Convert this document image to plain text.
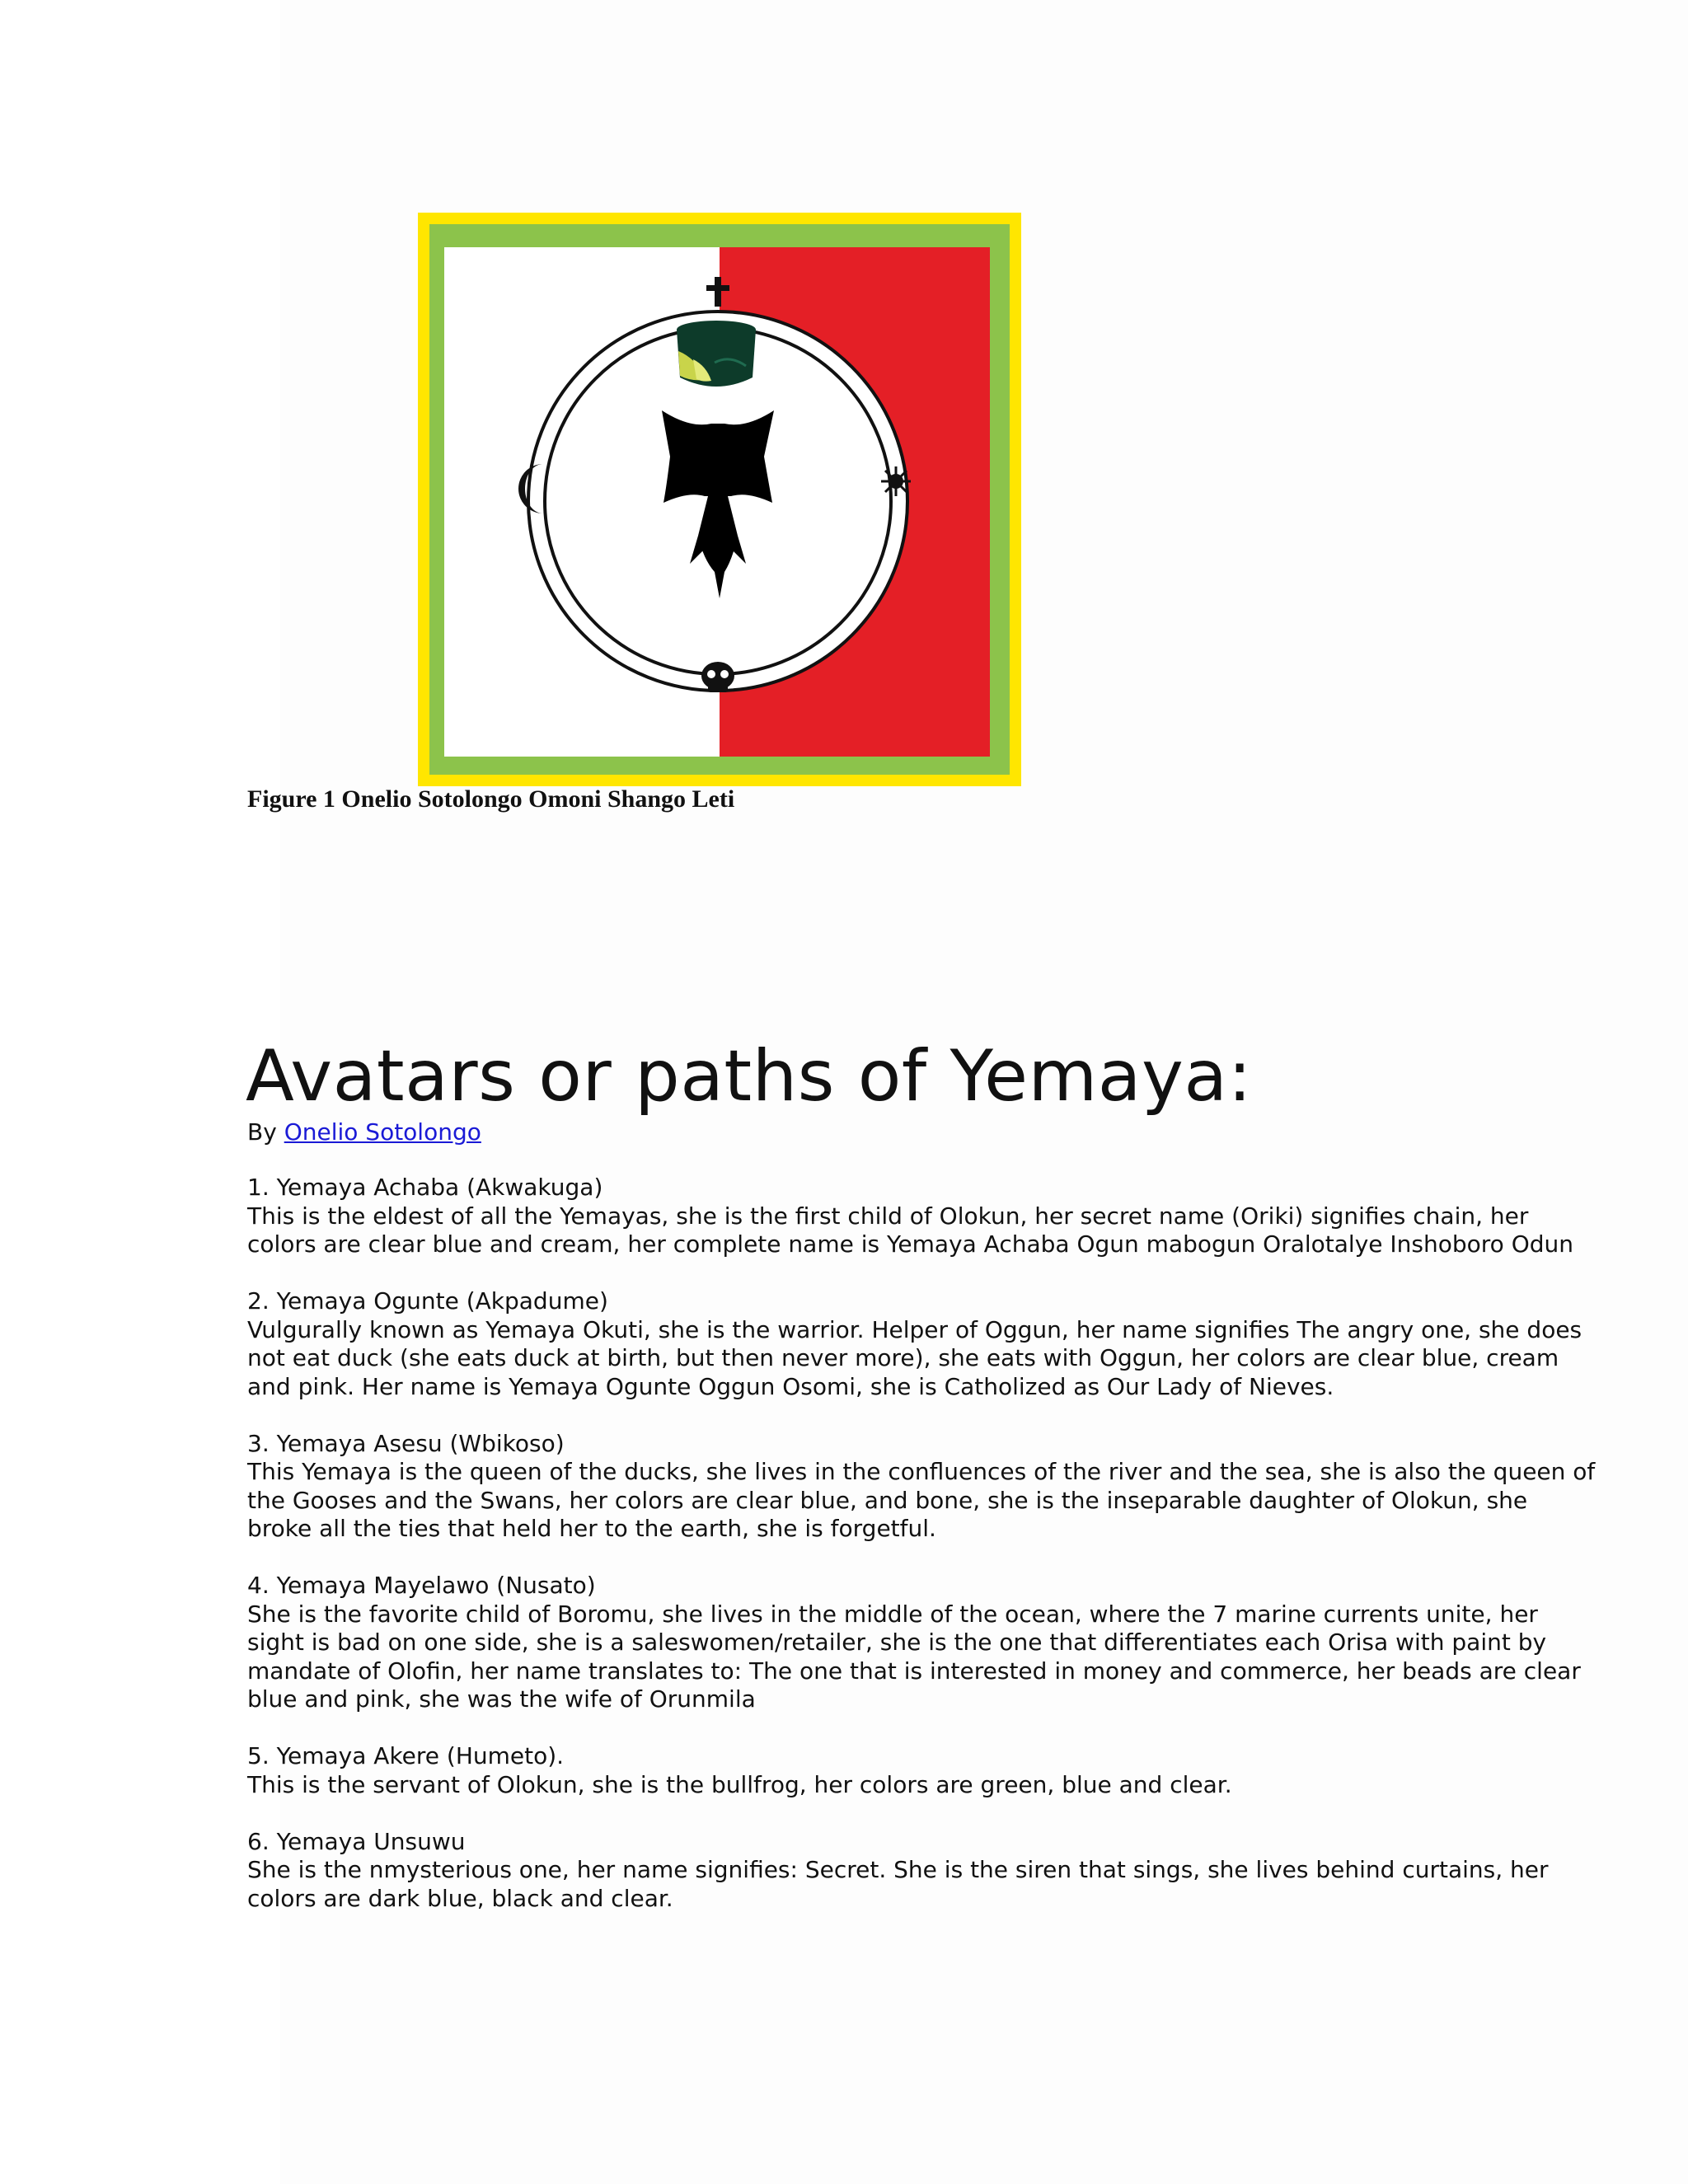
Figure 1 Onelio Sotolongo Omoni Shango Leti
Avatars or paths of Yemaya:
By Onelio Sotolongo

1. Yemaya Achaba (Akwakuga)

This is the eldest of all the Yemayas, she is the first child of Olokun, her secret name (Oriki) signifies chain, her colors are clear blue and cream, her complete name is Yemaya Achaba Ogun mabogun Oralotalye Inshoboro Odun

2. Yemaya Ogunte (Akpadume)

Vulgurally known as Yemaya Okuti, she is the warrior. Helper of Oggun, her name signifies The angry one, she does not eat duck (she eats duck at birth, but then never more), she eats with Oggun, her colors are clear blue, cream and pink. Her name is Yemaya Ogunte Oggun Osomi, she is Catholized as Our Lady of Nieves.

3. Yemaya Asesu (Wbikoso)

This Yemaya is the queen of the ducks, she lives in the confluences of the river and the sea, she is also the queen of the Gooses and the Swans, her colors are clear blue, and bone, she is the inseparable daughter of Olokun, she broke all the ties that held her to the earth, she is forgetful.

4. Yemaya Mayelawo (Nusato)

She is the favorite child of Boromu, she lives in the middle of the ocean, where the 7 marine currents unite, her sight is bad on one side, she is a saleswomen/retailer, she is the one that differentiates each Orisa with paint by mandate of Olofin, her name translates to: The one that is interested in money and commerce, her beads are clear blue and pink, she was the wife of Orunmila

5. Yemaya Akere (Humeto).

This is the servant of Olokun, she is the bullfrog, her colors are green, blue and clear.

6. Yemaya Unsuwu

She is the nmysterious one, her name signifies: Secret. She is the siren that sings, she lives behind curtains, her colors are dark blue, black and clear.
